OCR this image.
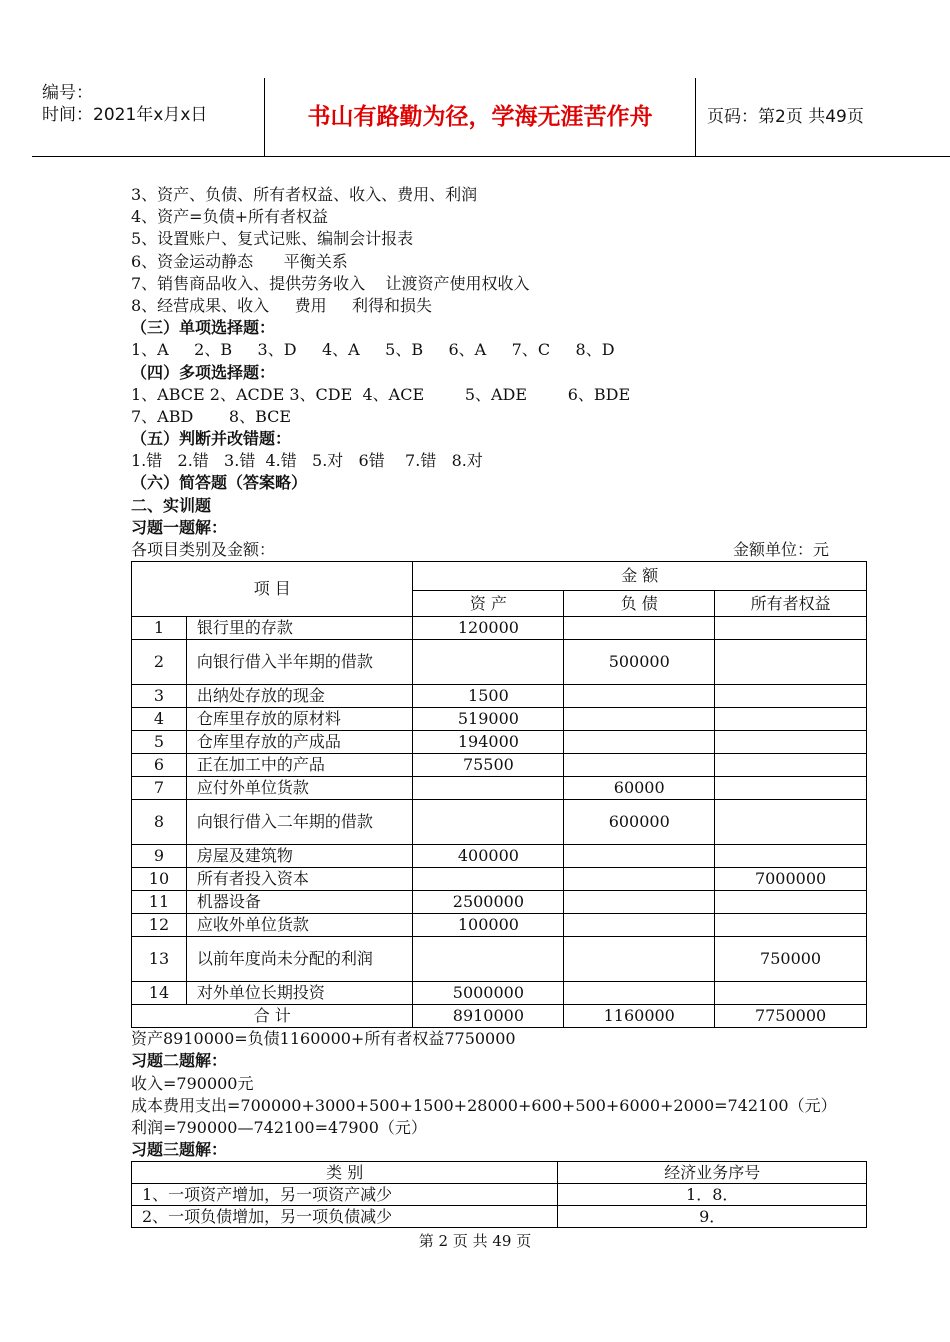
编号：
时间：2021年x月x日	书山有路勤为径，学海无涯苦作舟	页码：第2页 共49页
3、资产、负债、所有者权益、收入、费用、利润
4、资产=负债+所有者权益
5、设置账户、复式记账、编制会计报表
6、资金运动静态      平衡关系
7、销售商品收入、提供劳务收入    让渡资产使用权收入
8、经营成果、收入     费用     利得和损失
（三）单项选择题：
1、A     2、B     3、D     4、A     5、B     6、A     7、C     8、D
（四）多项选择题：
1、ABCE 2、ACDE 3、CDE  4、ACE        5、ADE        6、BDE
7、ABD       8、BCE
（五）判断并改错题：
1.错   2.错   3.错  4.错   5.对   6错    7.错   8.对
（六）简答题（答案略）
二、实训题
习题一题解：
各项目类别及金额：	金额单位：元
项 目		金 额		
		资 产	负 债	所有者权益
1	银行里的存款	120000		
2	向银行借入半年期的借款		500000	
3	出纳处存放的现金	1500		
4	仓库里存放的原材料	519000		
5	仓库里存放的产成品	194000		
6	正在加工中的产品	75500		
7	应付外单位货款		60000	
8	向银行借入二年期的借款		600000	
9	房屋及建筑物	400000		
10	所有者投入资本			7000000
11	机器设备	2500000		
12	应收外单位货款	100000		
13	以前年度尚未分配的利润			750000
14	对外单位长期投资	5000000		
合 计		8910000	1160000	7750000
资产8910000=负债1160000+所有者权益7750000
习题二题解：
收入=790000元
成本费用支出=700000+3000+500+1500+28000+600+500+6000+2000=742100（元）
利润=790000—742100=47900（元）
习题三题解：
类 别	经济业务序号
1、一项资产增加，另一项资产减少	1．8．
2、一项负债增加，另一项负债减少	9．
第 2 页 共 49 页
